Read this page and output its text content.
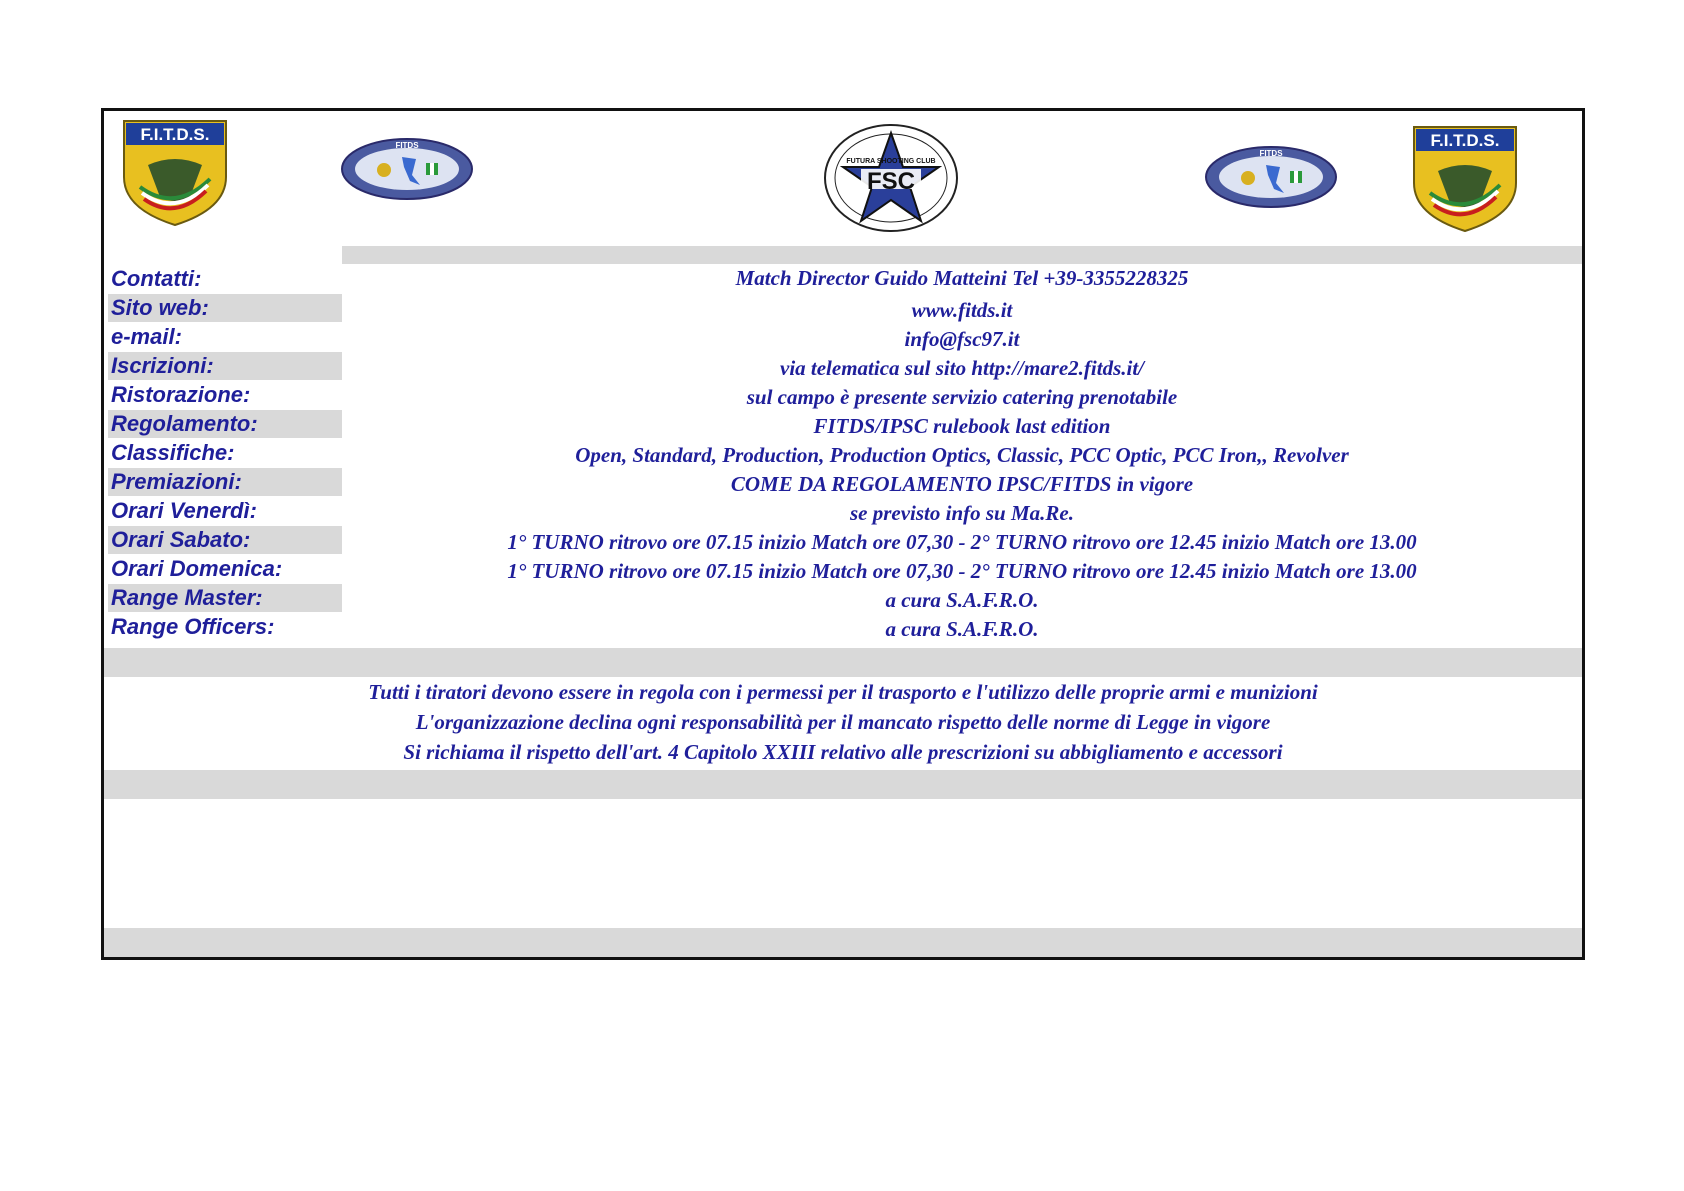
F.I.T.D.S.
FITDS
FSC
FUTURA SHOOTING CLUB
FITDS
F.I.T.D.S.
Contatti:	Match Director Guido Matteini Tel +39-3355228325
Sito web:	www.fitds.it
e-mail:	info@fsc97.it
Iscrizioni:	via telematica sul sito http://mare2.fitds.it/
Ristorazione:	sul campo è presente servizio catering prenotabile
Regolamento:	FITDS/IPSC rulebook last edition
Classifiche:	Open, Standard, Production, Production Optics, Classic, PCC Optic, PCC Iron,, Revolver
Premiazioni:	COME DA REGOLAMENTO IPSC/FITDS in vigore
Orari Venerdì:	se previsto info su Ma.Re.
Orari Sabato:	1° TURNO ritrovo ore 07.15 inizio Match ore 07,30 - 2° TURNO ritrovo ore 12.45 inizio Match ore 13.00
Orari Domenica:	1° TURNO ritrovo ore 07.15 inizio Match ore 07,30 - 2° TURNO ritrovo ore 12.45 inizio Match ore 13.00
Range Master:	a cura S.A.F.R.O.
Range Officers:	a cura S.A.F.R.O.
Tutti i tiratori devono essere in regola con i permessi per il trasporto e l'utilizzo delle proprie armi e munizioni
L'organizzazione declina ogni responsabilità per il mancato rispetto delle norme di Legge in vigore
Si richiama il rispetto dell'art. 4 Capitolo XXIII relativo alle prescrizioni su abbigliamento e accessori
